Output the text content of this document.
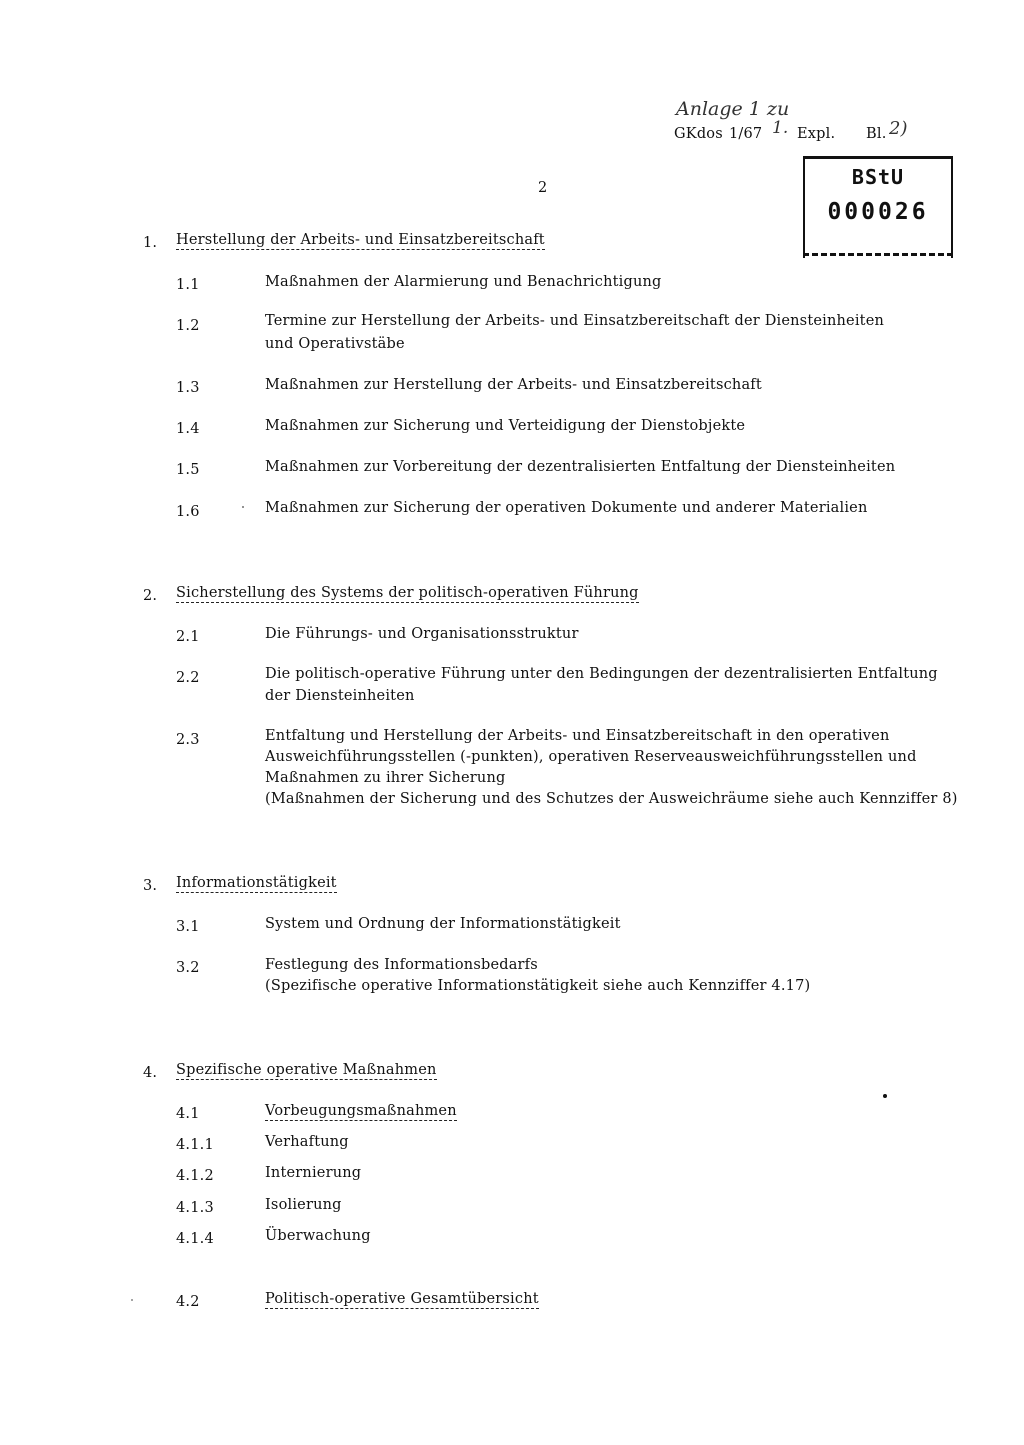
Anlage 1 zu
GKdos 1/67 1. Expl. Bl. 2)
2	BStU
000026
1. Herstellung der Arbeits- und Einsatzbereitschaft
1.1	Maßnahmen der Alarmierung und Benachrichtigung
1.2	Termine zur Herstellung der Arbeits- und Einsatzbereitschaft der Diensteinheiten
und Operativstäbe
1.3	Maßnahmen zur Herstellung der Arbeits- und Einsatzbereitschaft
1.4	Maßnahmen zur Sicherung und Verteidigung der Dienstobjekte
1.5	Maßnahmen zur Vorbereitung der dezentralisierten Entfaltung der Diensteinheiten
1.6	Maßnahmen zur Sicherung der operativen Dokumente und anderer Materialien
2. Sicherstellung des Systems der politisch-operativen Führung
2.1	Die Führungs- und Organisationsstruktur
2.2	Die politisch-operative Führung unter den Bedingungen der dezentralisierten Entfaltung
der Diensteinheiten
2.3	Entfaltung und Herstellung der Arbeits- und Einsatzbereitschaft in den operativen
Ausweichführungsstellen (-punkten), operativen Reserveausweichführungsstellen und
Maßnahmen zu ihrer Sicherung
(Maßnahmen der Sicherung und des Schutzes der Ausweichräume siehe auch Kennziffer 8)
3. Informationstätigkeit
3.1	System und Ordnung der Informationstätigkeit
3.2	Festlegung des Informationsbedarfs
(Spezifische operative Informationstätigkeit siehe auch Kennziffer 4.17)
4. Spezifische operative Maßnahmen
4.1	Vorbeugungsmaßnahmen
4.1.1	Verhaftung
4.1.2	Internierung
4.1.3	Isolierung
4.1.4	Überwachung
4.2	Politisch-operative Gesamtübersicht
